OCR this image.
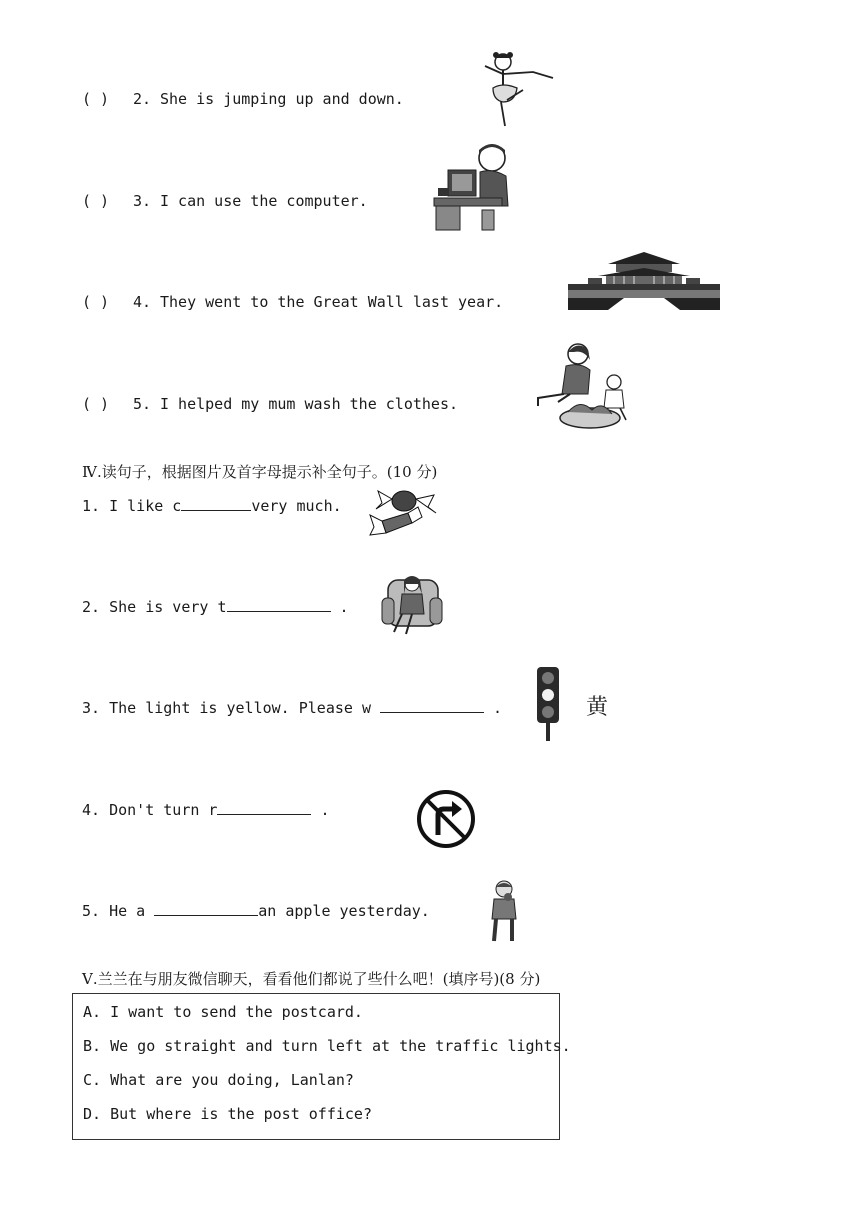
( ) 2. She is jumping up and down.
( ) 3. I can use the computer.
( ) 4. They went to the Great Wall last year.
( ) 5. I helped my mum wash the clothes.
Ⅳ.读句子，根据图片及首字母提示补全句子。(10 分)
1. I like c	very much.
2. She is very t	.
3. The light is yellow. Please w	.	黄
4. Don't turn r	.
5. He a	an apple yesterday.
Ⅴ.兰兰在与朋友微信聊天，看看他们都说了些什么吧！(填序号)(8 分)
A. I want to send the postcard.
B. We go straight and turn left at the traffic lights.
C. What are you doing, Lanlan?
D. But where is the post office?
